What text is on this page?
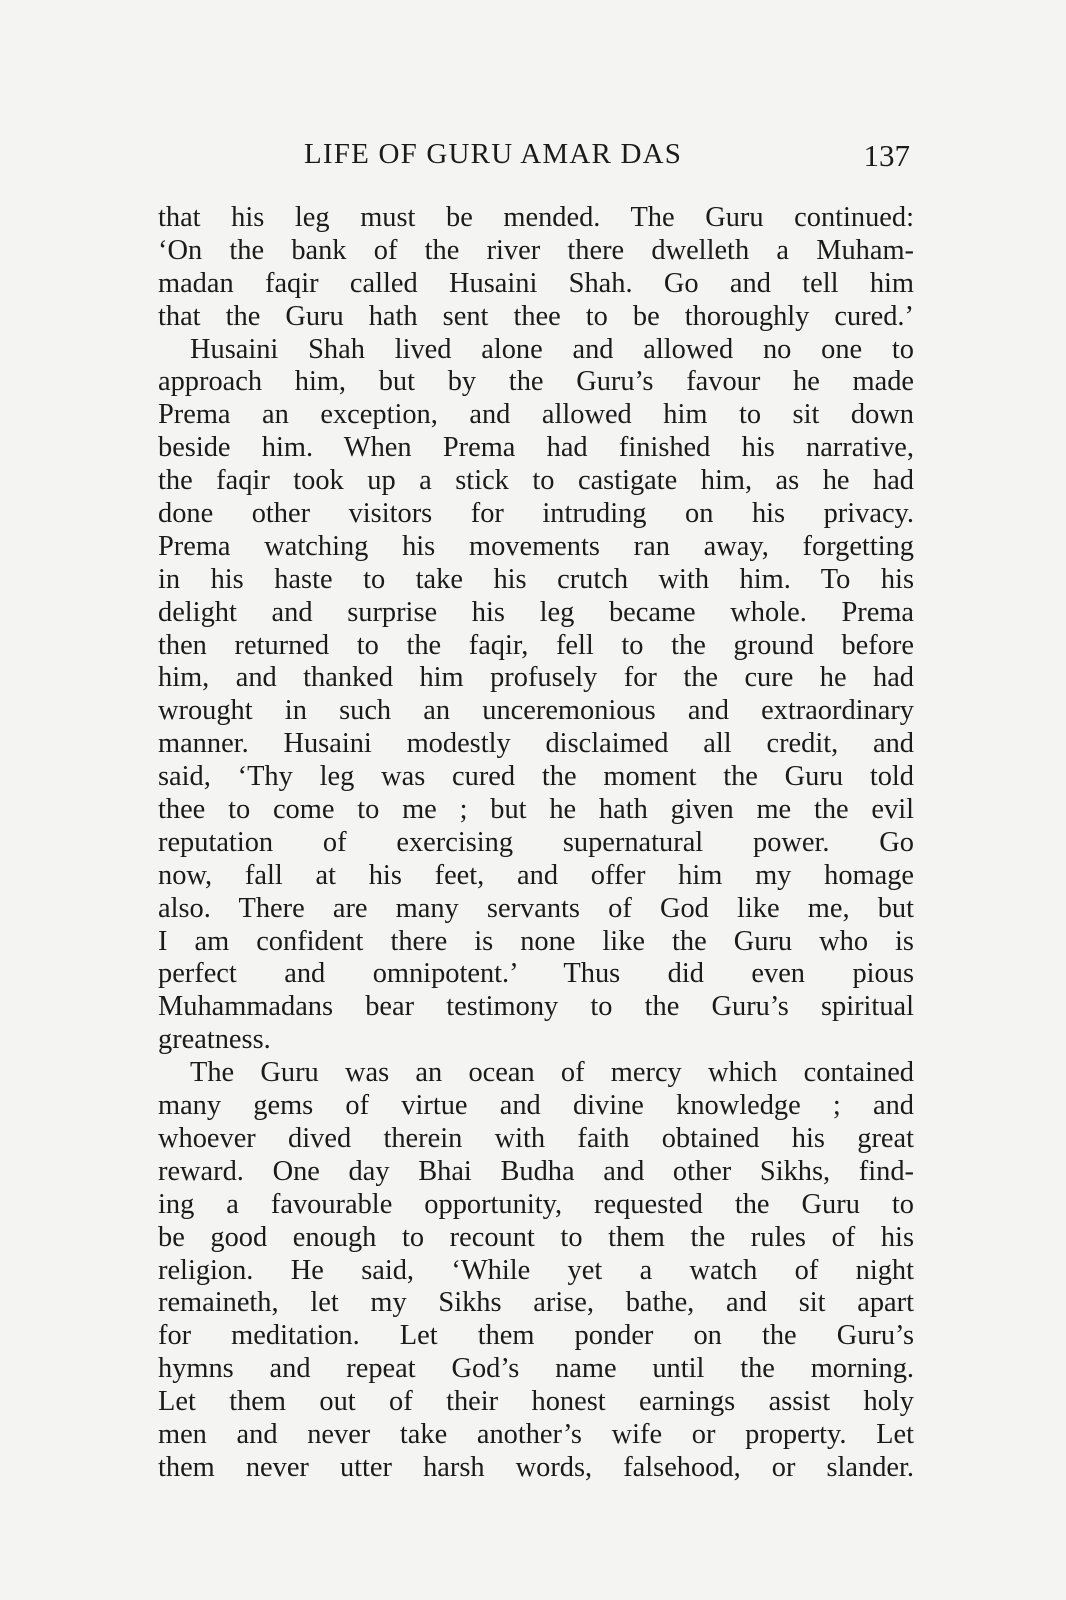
LIFE OF GURU AMAR DAS	137
that his leg must be mended. The Guru continued:
‘On the bank of the river there dwelleth a Muham-
madan faqir called Husaini Shah. Go and tell him
that the Guru hath sent thee to be thoroughly cured.’
Husaini Shah lived alone and allowed no one to
approach him, but by the Guru’s favour he made
Prema an exception, and allowed him to sit down
beside him. When Prema had finished his narrative,
the faqir took up a stick to castigate him, as he had
done other visitors for intruding on his privacy.
Prema watching his movements ran away, forgetting
in his haste to take his crutch with him. To his
delight and surprise his leg became whole. Prema
then returned to the faqir, fell to the ground before
him, and thanked him profusely for the cure he had
wrought in such an unceremonious and extraordinary
manner. Husaini modestly disclaimed all credit, and
said, ‘Thy leg was cured the moment the Guru told
thee to come to me ; but he hath given me the evil
reputation of exercising supernatural power. Go
now, fall at his feet, and offer him my homage
also. There are many servants of God like me, but
I am confident there is none like the Guru who is
perfect and omnipotent.’ Thus did even pious
Muhammadans bear testimony to the Guru’s spiritual
greatness.
The Guru was an ocean of mercy which contained
many gems of virtue and divine knowledge ; and
whoever dived therein with faith obtained his great
reward. One day Bhai Budha and other Sikhs, find-
ing a favourable opportunity, requested the Guru to
be good enough to recount to them the rules of his
religion. He said, ‘While yet a watch of night
remaineth, let my Sikhs arise, bathe, and sit apart
for meditation. Let them ponder on the Guru’s
hymns and repeat God’s name until the morning.
Let them out of their honest earnings assist holy
men and never take another’s wife or property. Let
them never utter harsh words, falsehood, or slander.
